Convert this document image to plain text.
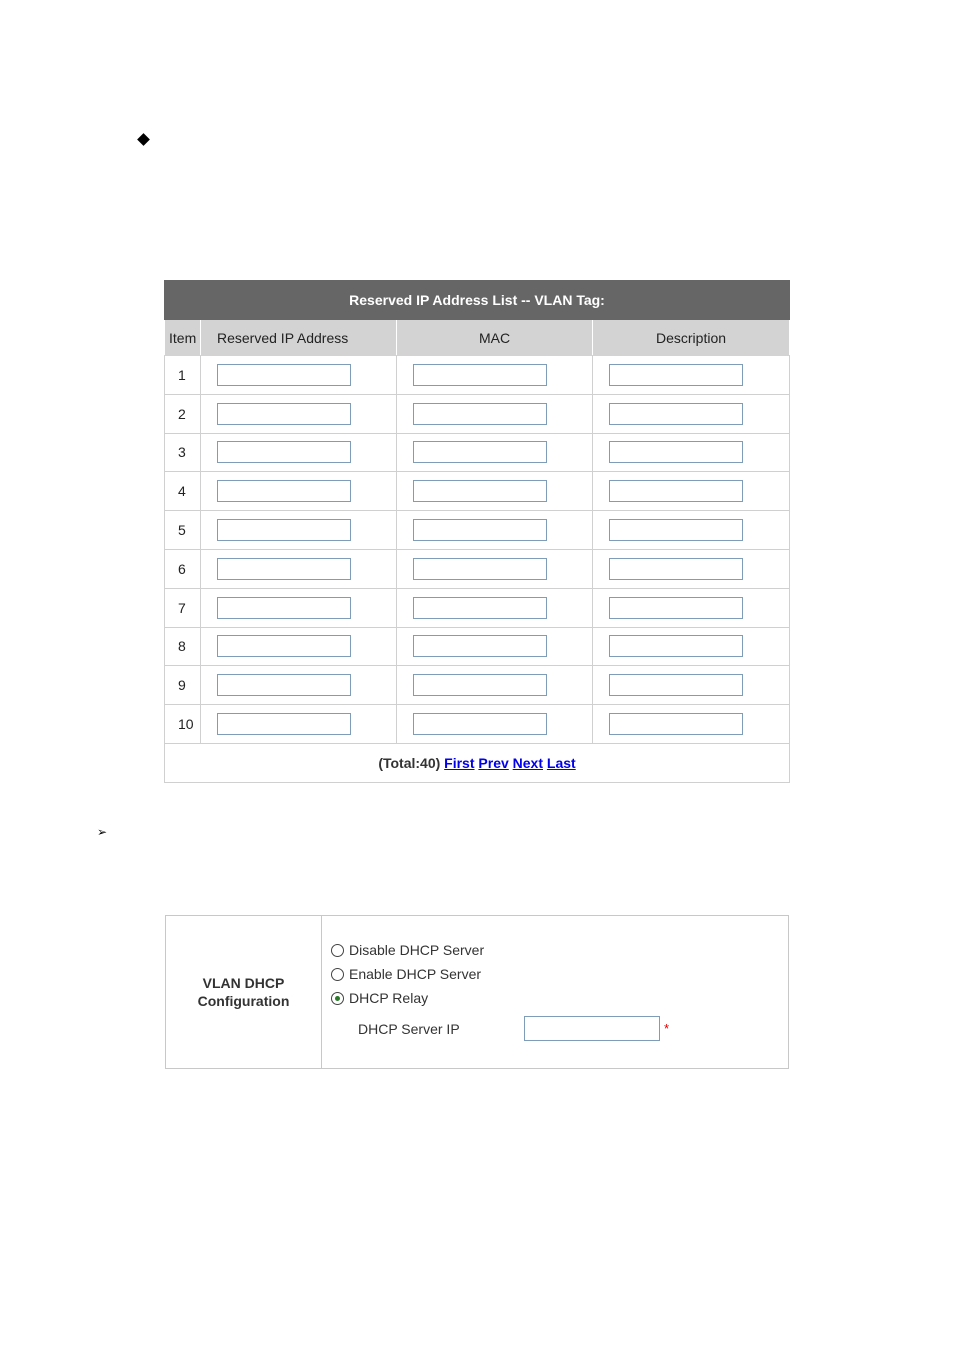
Reserved IP Address List -- VLAN Tag:			
Item	Reserved IP Address	MAC	Description
1	

2	

3	

4	

5	

6	

7	

8	

9	

10	

(Total:40) First Prev Next Last			
➢
VLAN DHCP
Configuration
Disable DHCP Server
Enable DHCP Server
DHCP Relay
DHCP Server IP	*
